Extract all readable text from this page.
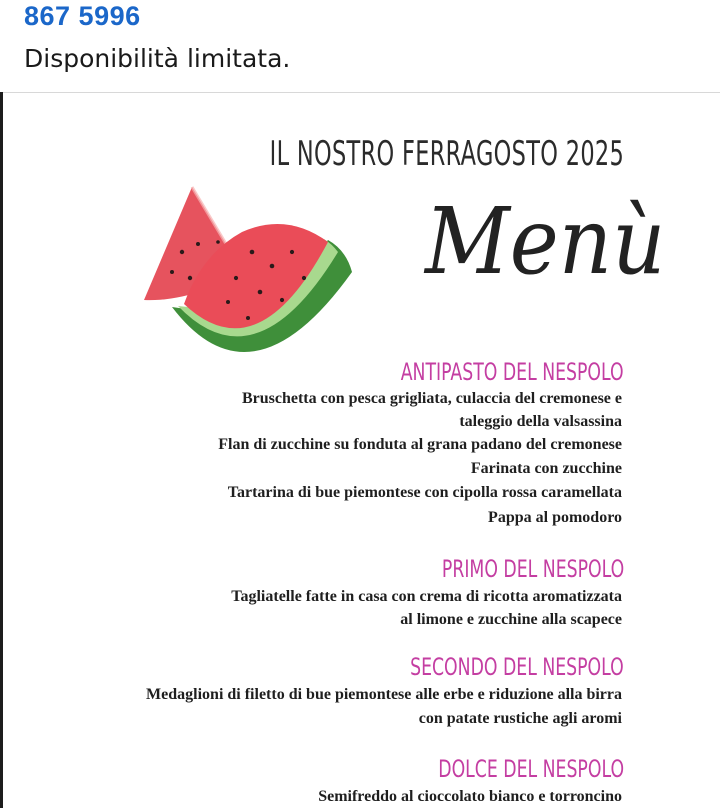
867 5996
Disponibilità limitata.
IL NOSTRO FERRAGOSTO 2025
Menù
ANTIPASTO DEL NESPOLO
Bruschetta con pesca grigliata, culaccia del cremonese e
taleggio della valsassina
Flan di zucchine su fonduta al grana padano del cremonese
Farinata con zucchine
Tartarina di bue piemontese con cipolla rossa caramellata
Pappa al pomodoro
PRIMO DEL NESPOLO
Tagliatelle fatte in casa con crema di ricotta aromatizzata
al limone e zucchine alla scapece
SECONDO DEL NESPOLO
Medaglioni di filetto di bue piemontese alle erbe e riduzione alla birra
con patate rustiche agli aromi
DOLCE DEL NESPOLO
Semifreddo al cioccolato bianco e torroncino
